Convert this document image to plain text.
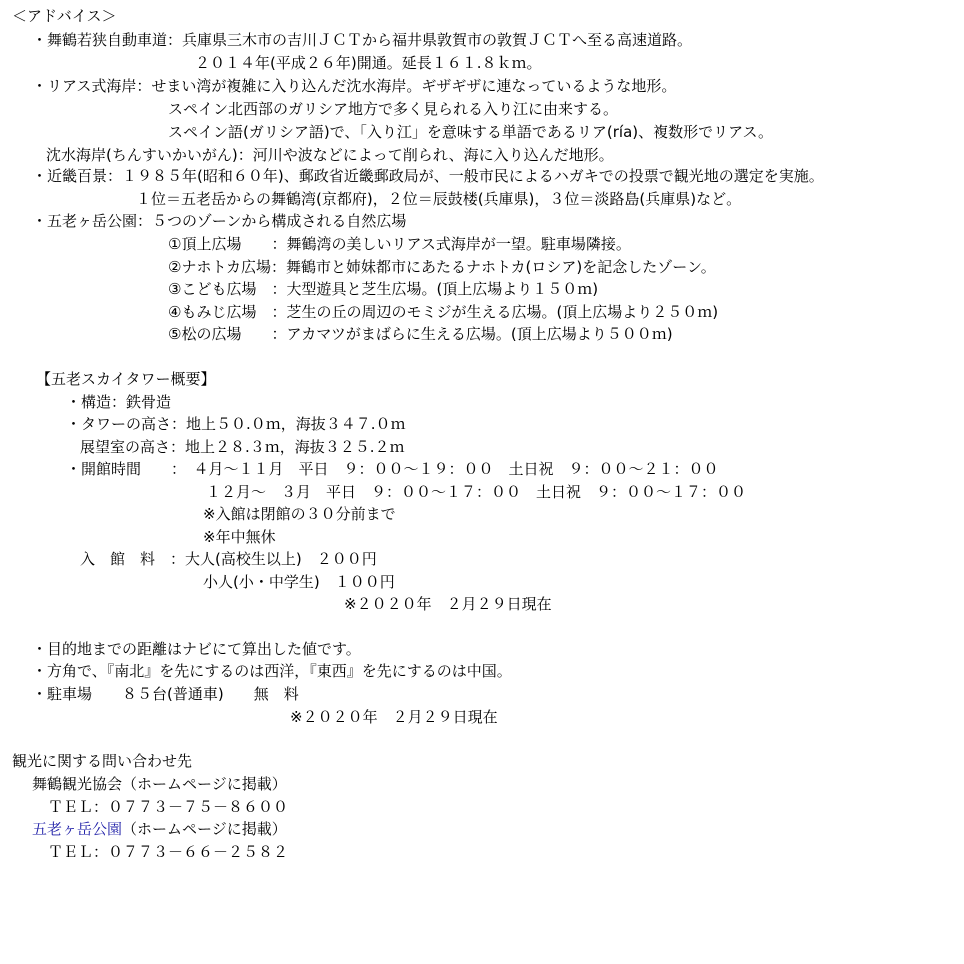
＜アドバイス＞
・舞鶴若狭自動車道：兵庫県三木市の吉川ＪＣＴから福井県敦賀市の敦賀ＪＣＴへ至る高速道路。
２０１４年(平成２６年)開通。延長１６１.８ｋｍ。
・リアス式海岸：せまい湾が複雑に入り込んだ沈水海岸。ギザギザに連なっているような地形。
スペイン北西部のガリシア地方で多く見られる入り江に由来する。
スペイン語(ガリシア語)で、「入り江」を意味する単語であるリア(ría)、複数形でリアス。
沈水海岸(ちんすいかいがん)：河川や波などによって削られ、海に入り込んだ地形。
・近畿百景：１９８５年(昭和６０年)、郵政省近畿郵政局が、一般市民によるハガキでの投票で観光地の選定を実施。
１位＝五老岳からの舞鶴湾(京都府)，２位＝辰鼓楼(兵庫県)，３位＝淡路島(兵庫県)など。
・五老ヶ岳公園：５つのゾーンから構成される自然広場
①頂上広場　　：舞鶴湾の美しいリアス式海岸が一望。駐車場隣接。
②ナホトカ広場：舞鶴市と姉妹都市にあたるナホトカ(ロシア)を記念したゾーン。
③こども広場　：大型遊具と芝生広場。(頂上広場より１５０ｍ)
④もみじ広場　：芝生の丘の周辺のモミジが生える広場。(頂上広場より２５０ｍ)
⑤松の広場　　：アカマツがまばらに生える広場。(頂上広場より５００ｍ)
【五老スカイタワー概要】
・構造：鉄骨造
・タワーの高さ：地上５０.０ｍ，海抜３４７.０ｍ
展望室の高さ：地上２８.３ｍ，海抜３２５.２ｍ
・開館時間　　：　４月～１１月　平日　９：００～１９：００　土日祝　９：００～２１：００
１２月～　３月　平日　９：００～１７：００　土日祝　９：００～１７：００
※入館は閉館の３０分前まで
※年中無休
入　館　料　：大人(高校生以上)　２００円
小人(小・中学生)　１００円
※２０２０年　２月２９日現在
・目的地までの距離はナビにて算出した値です。
・方角で、『南北』を先にするのは西洋，『東西』を先にするのは中国。
・駐車場　　８５台(普通車)　　無　料
※２０２０年　２月２９日現在
観光に関する問い合わせ先
舞鶴観光協会（ホームページに掲載）
ＴＥＬ：０７７３－７５－８６００
五老ヶ岳公園（ホームページに掲載）
ＴＥＬ：０７７３－６６－２５８２
